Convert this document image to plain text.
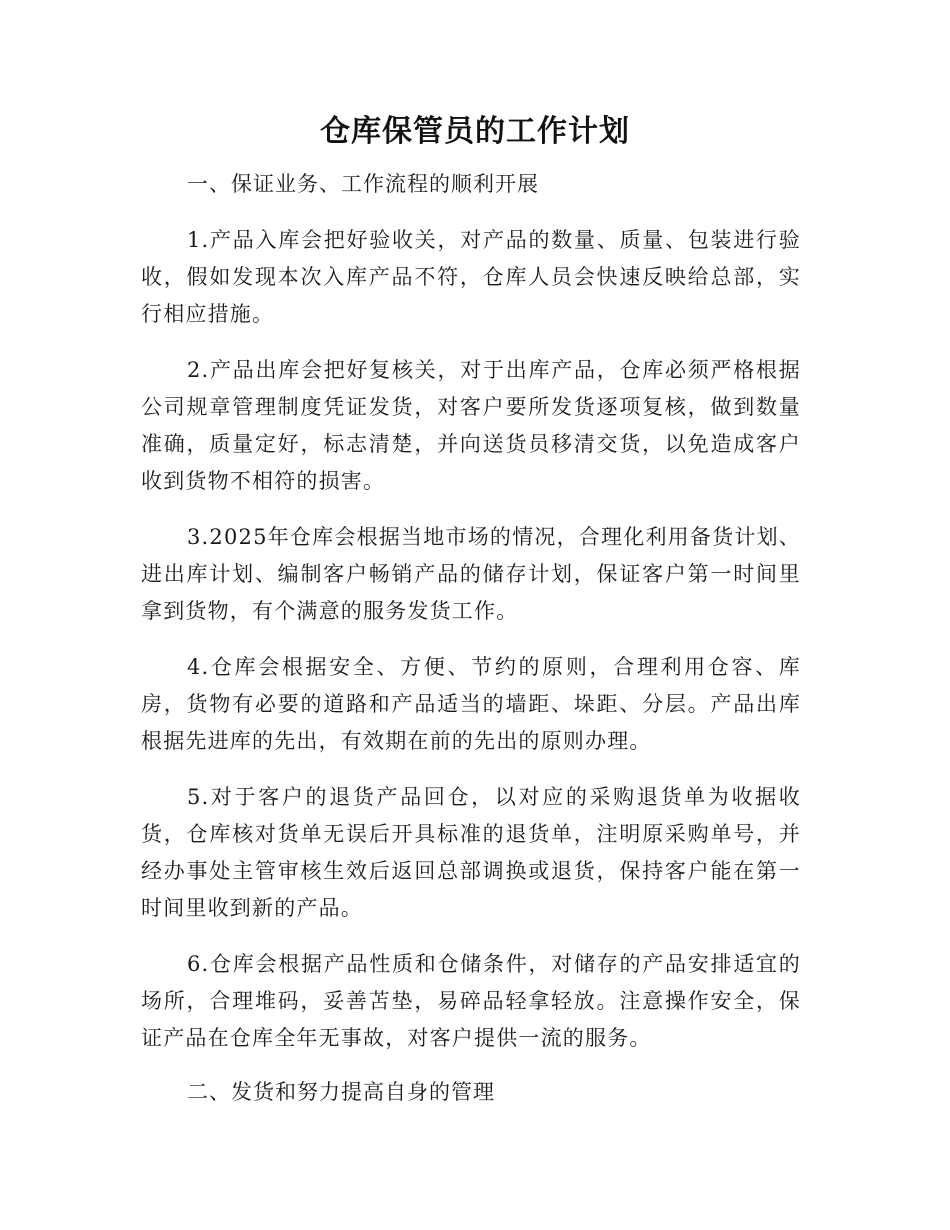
仓库保管员的工作计划

一、保证业务、工作流程的顺利开展

1.产品入库会把好验收关，对产品的数量、质量、包装进行验收，假如发现本次入库产品不符，仓库人员会快速反映给总部，实行相应措施。

2.产品出库会把好复核关，对于出库产品，仓库必须严格根据公司规章管理制度凭证发货，对客户要所发货逐项复核，做到数量准确，质量定好，标志清楚，并向送货员移清交货，以免造成客户收到货物不相符的损害。

3.2025年仓库会根据当地市场的情况，合理化利用备货计划、进出库计划、编制客户畅销产品的储存计划，保证客户第一时间里拿到货物，有个满意的服务发货工作。

4.仓库会根据安全、方便、节约的原则，合理利用仓容、库房，货物有必要的道路和产品适当的墙距、垛距、分层。产品出库根据先进库的先出，有效期在前的先出的原则办理。

5.对于客户的退货产品回仓，以对应的采购退货单为收据收货，仓库核对货单无误后开具标准的退货单，注明原采购单号，并经办事处主管审核生效后返回总部调换或退货，保持客户能在第一时间里收到新的产品。

6.仓库会根据产品性质和仓储条件，对储存的产品安排适宜的场所，合理堆码，妥善苫垫，易碎品轻拿轻放。注意操作安全，保证产品在仓库全年无事故，对客户提供一流的服务。

二、发货和努力提高自身的管理
